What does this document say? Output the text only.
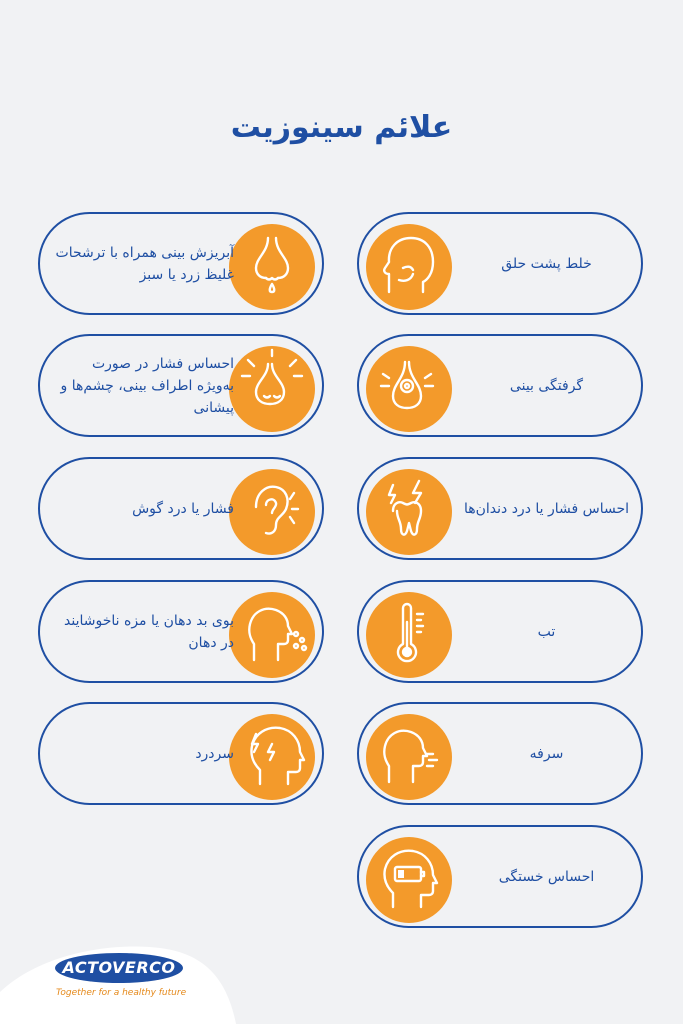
علائم سینوزیت
خلط پشت حلق
گرفتگی بینی
احساس فشار یا درد دندان‌ها
تب
سرفه
احساس خستگی
آبریزش بینی همراه با ترشحات غلیظ زرد یا سبز
احساس فشار در صورت به‌ویژه اطراف بینی، چشم‌ها و پیشانی
فشار یا درد گوش
بوی بد دهان یا مزه ناخوشایند در دهان
سردرد
ACTOVERCO
Together for a healthy future
